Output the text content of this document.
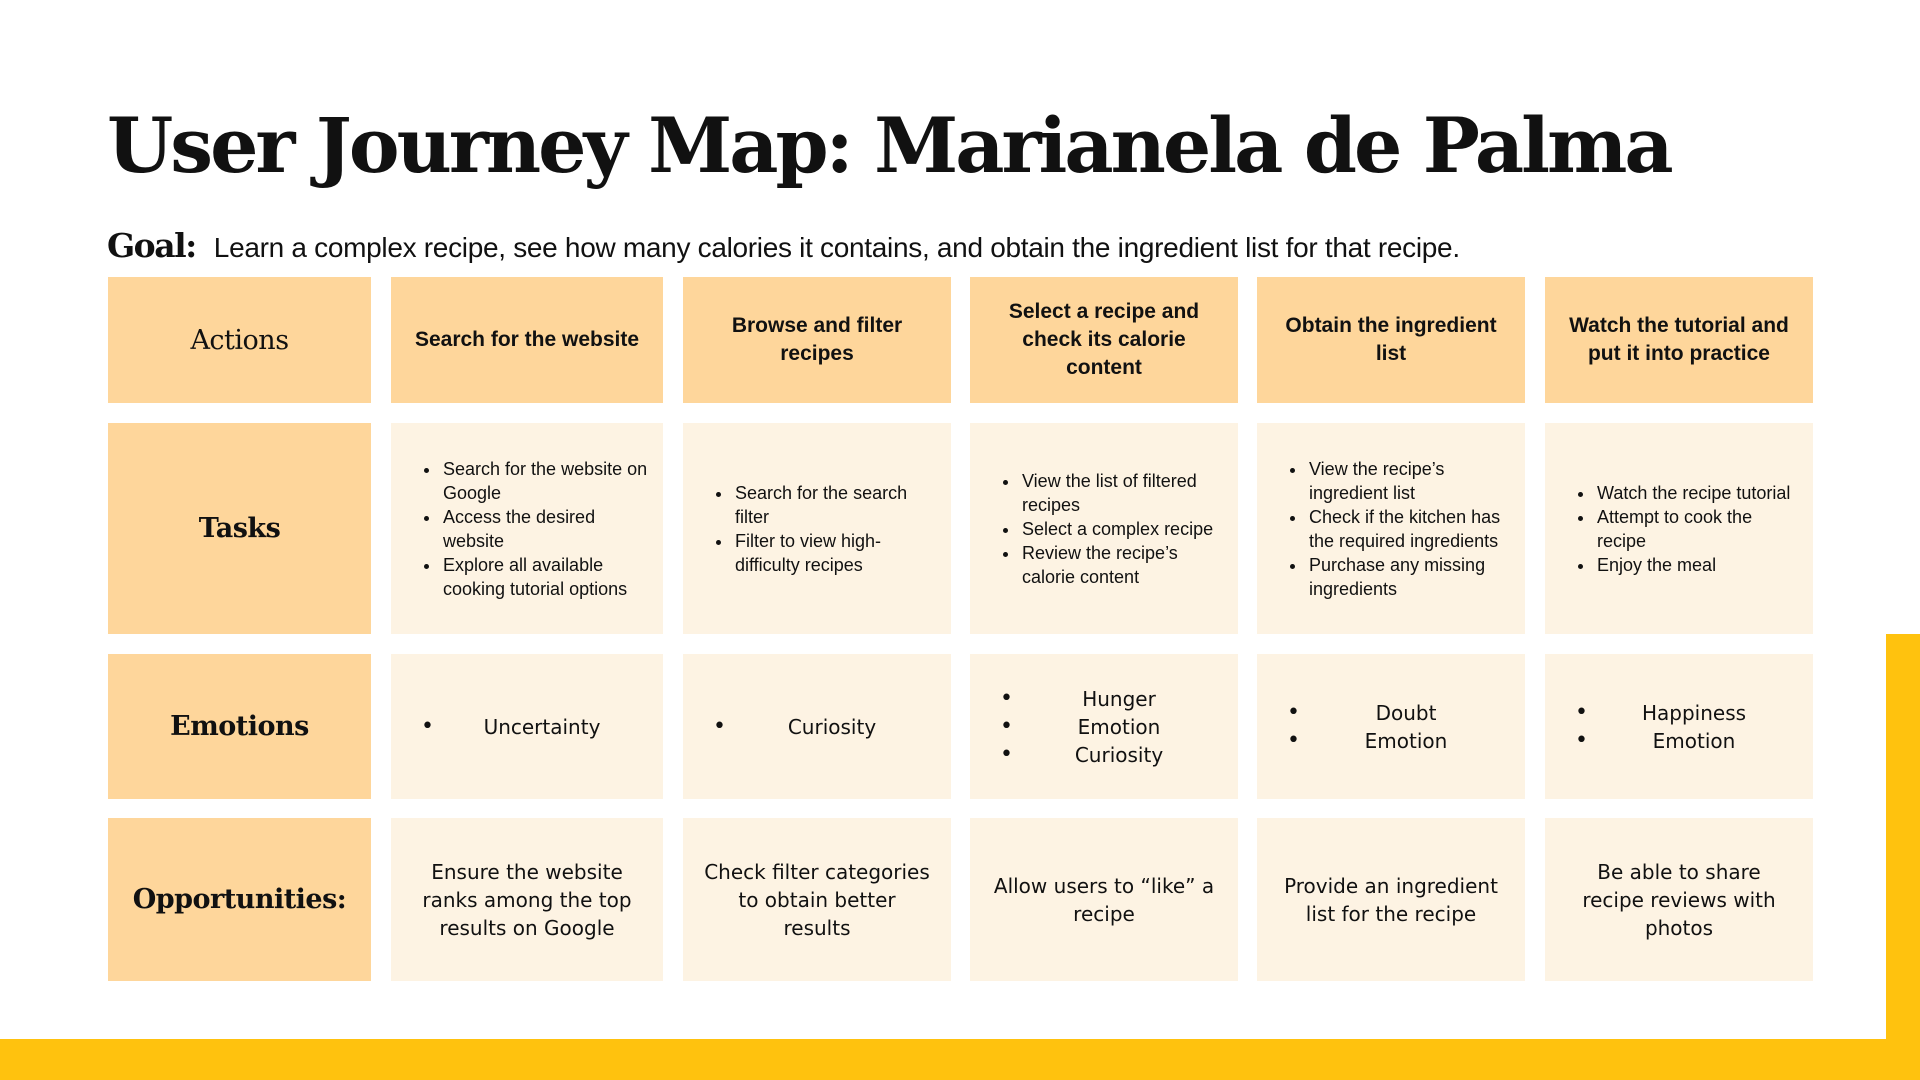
User Journey Map: Marianela de Palma
Goal: Learn a complex recipe, see how many calories it contains, and obtain the ingredient list for that recipe.
Actions
Tasks
Emotions
Opportunities:
Search for the website
• Search for the website on Google
• Access the desired website
• Explore all available cooking tutorial options
• Uncertainty
Ensure the website ranks among the top results on Google
Browse and filter recipes
• Search for the search filter
• Filter to view high-difficulty recipes
• Curiosity
Check filter categories to obtain better results
Select a recipe and check its calorie content
• View the list of filtered recipes
• Select a complex recipe
• Review the recipe’s calorie content
• Hunger
• Emotion
• Curiosity
Allow users to “like” a recipe
Obtain the ingredient list
• View the recipe’s ingredient list
• Check if the kitchen has the required ingredients
• Purchase any missing ingredients
• Doubt
• Emotion
Provide an ingredient list for the recipe
Watch the tutorial and put it into practice
• Watch the recipe tutorial
• Attempt to cook the recipe
• Enjoy the meal
• Happiness
• Emotion
Be able to share recipe reviews with photos
